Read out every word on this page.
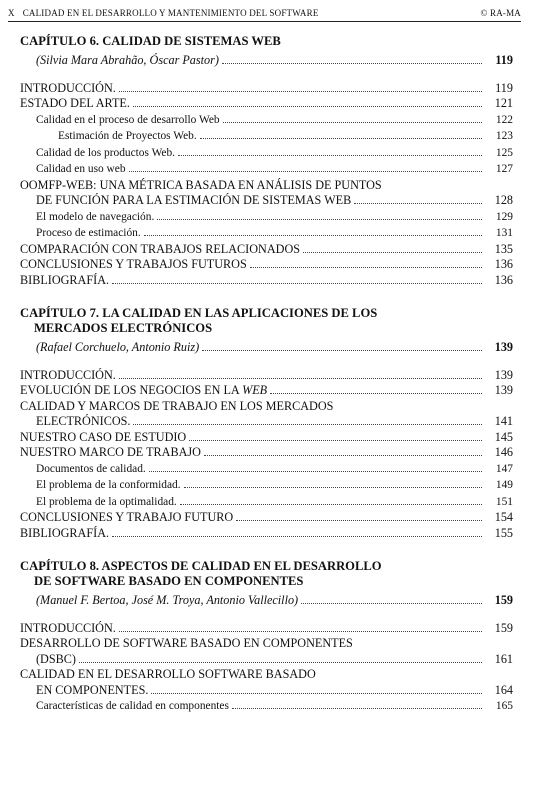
X CALIDAD EN EL DESARROLLO Y MANTENIMIENTO DEL SOFTWARE	© RA-MA
CAPÍTULO 6. CALIDAD DE SISTEMAS WEB
(Silvia Mara Abrahão, Óscar Pastor)	119
INTRODUCCIÓN.	119
ESTADO DEL ARTE.	121
Calidad en el proceso de desarrollo Web	122
Estimación de Proyectos Web.	123
Calidad de los productos Web.	125
Calidad en uso web	127
OOMFP-WEB: UNA MÉTRICA BASADA EN ANÁLISIS DE PUNTOS
DE FUNCIÓN PARA LA ESTIMACIÓN DE SISTEMAS WEB	128
El modelo de navegación.	129
Proceso de estimación.	131
COMPARACIÓN CON TRABAJOS RELACIONADOS	135
CONCLUSIONES Y TRABAJOS FUTUROS	136
BIBLIOGRAFÍA.	136
CAPÍTULO 7. LA CALIDAD EN LAS APLICACIONES DE LOS
MERCADOS ELECTRÓNICOS
(Rafael Corchuelo, Antonio Ruiz)	139
INTRODUCCIÓN.	139
EVOLUCIÓN DE LOS NEGOCIOS EN LA WEB	139
CALIDAD Y MARCOS DE TRABAJO EN LOS MERCADOS
ELECTRÓNICOS.	141
NUESTRO CASO DE ESTUDIO	145
NUESTRO MARCO DE TRABAJO	146
Documentos de calidad.	147
El problema de la conformidad.	149
El problema de la optimalidad.	151
CONCLUSIONES Y TRABAJO FUTURO	154
BIBLIOGRAFÍA.	155
CAPÍTULO 8. ASPECTOS DE CALIDAD EN EL DESARROLLO
DE SOFTWARE BASADO EN COMPONENTES
(Manuel F. Bertoa, José M. Troya, Antonio Vallecillo)	159
INTRODUCCIÓN.	159
DESARROLLO DE SOFTWARE BASADO EN COMPONENTES
(DSBC)	161
CALIDAD EN EL DESARROLLO SOFTWARE BASADO
EN COMPONENTES.	164
Características de calidad en componentes	165
